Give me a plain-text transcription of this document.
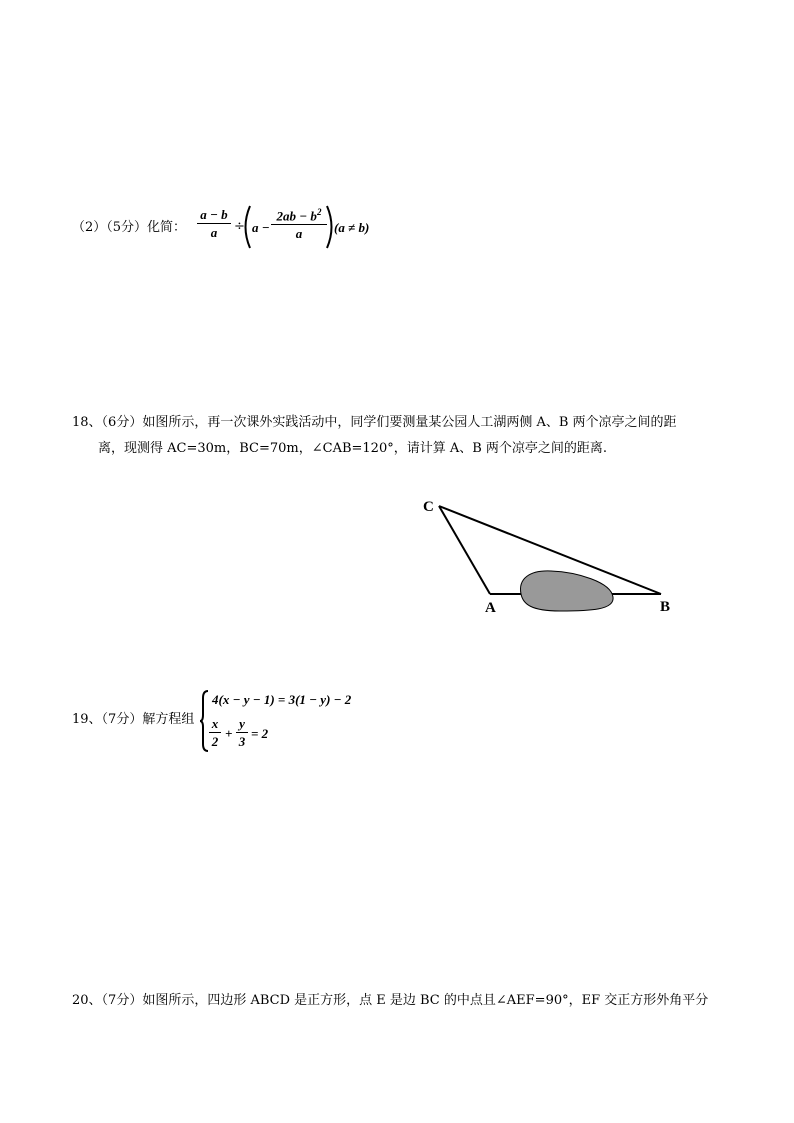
（2）（5分）化简：
a − b
a	÷ a −
$2ab - b^2$
a	(a ≠ b)
18、（6分）如图所示，再一次课外实践活动中，同学们要测量某公园人工湖两侧 A、B 两个凉亭之间的距
离，现测得 AC=30m，BC=70m，∠CAB=120°，请计算 A、B 两个凉亭之间的距离.
C
A	B
19、（7分）解方程组
4(x − y − 1) = 3(1 − y) − 2
x
2
+
y
3
= 2
20、（7分）如图所示，四边形 ABCD 是正方形，点 E 是边 BC 的中点且∠AEF=90°，EF 交正方形外角平分
